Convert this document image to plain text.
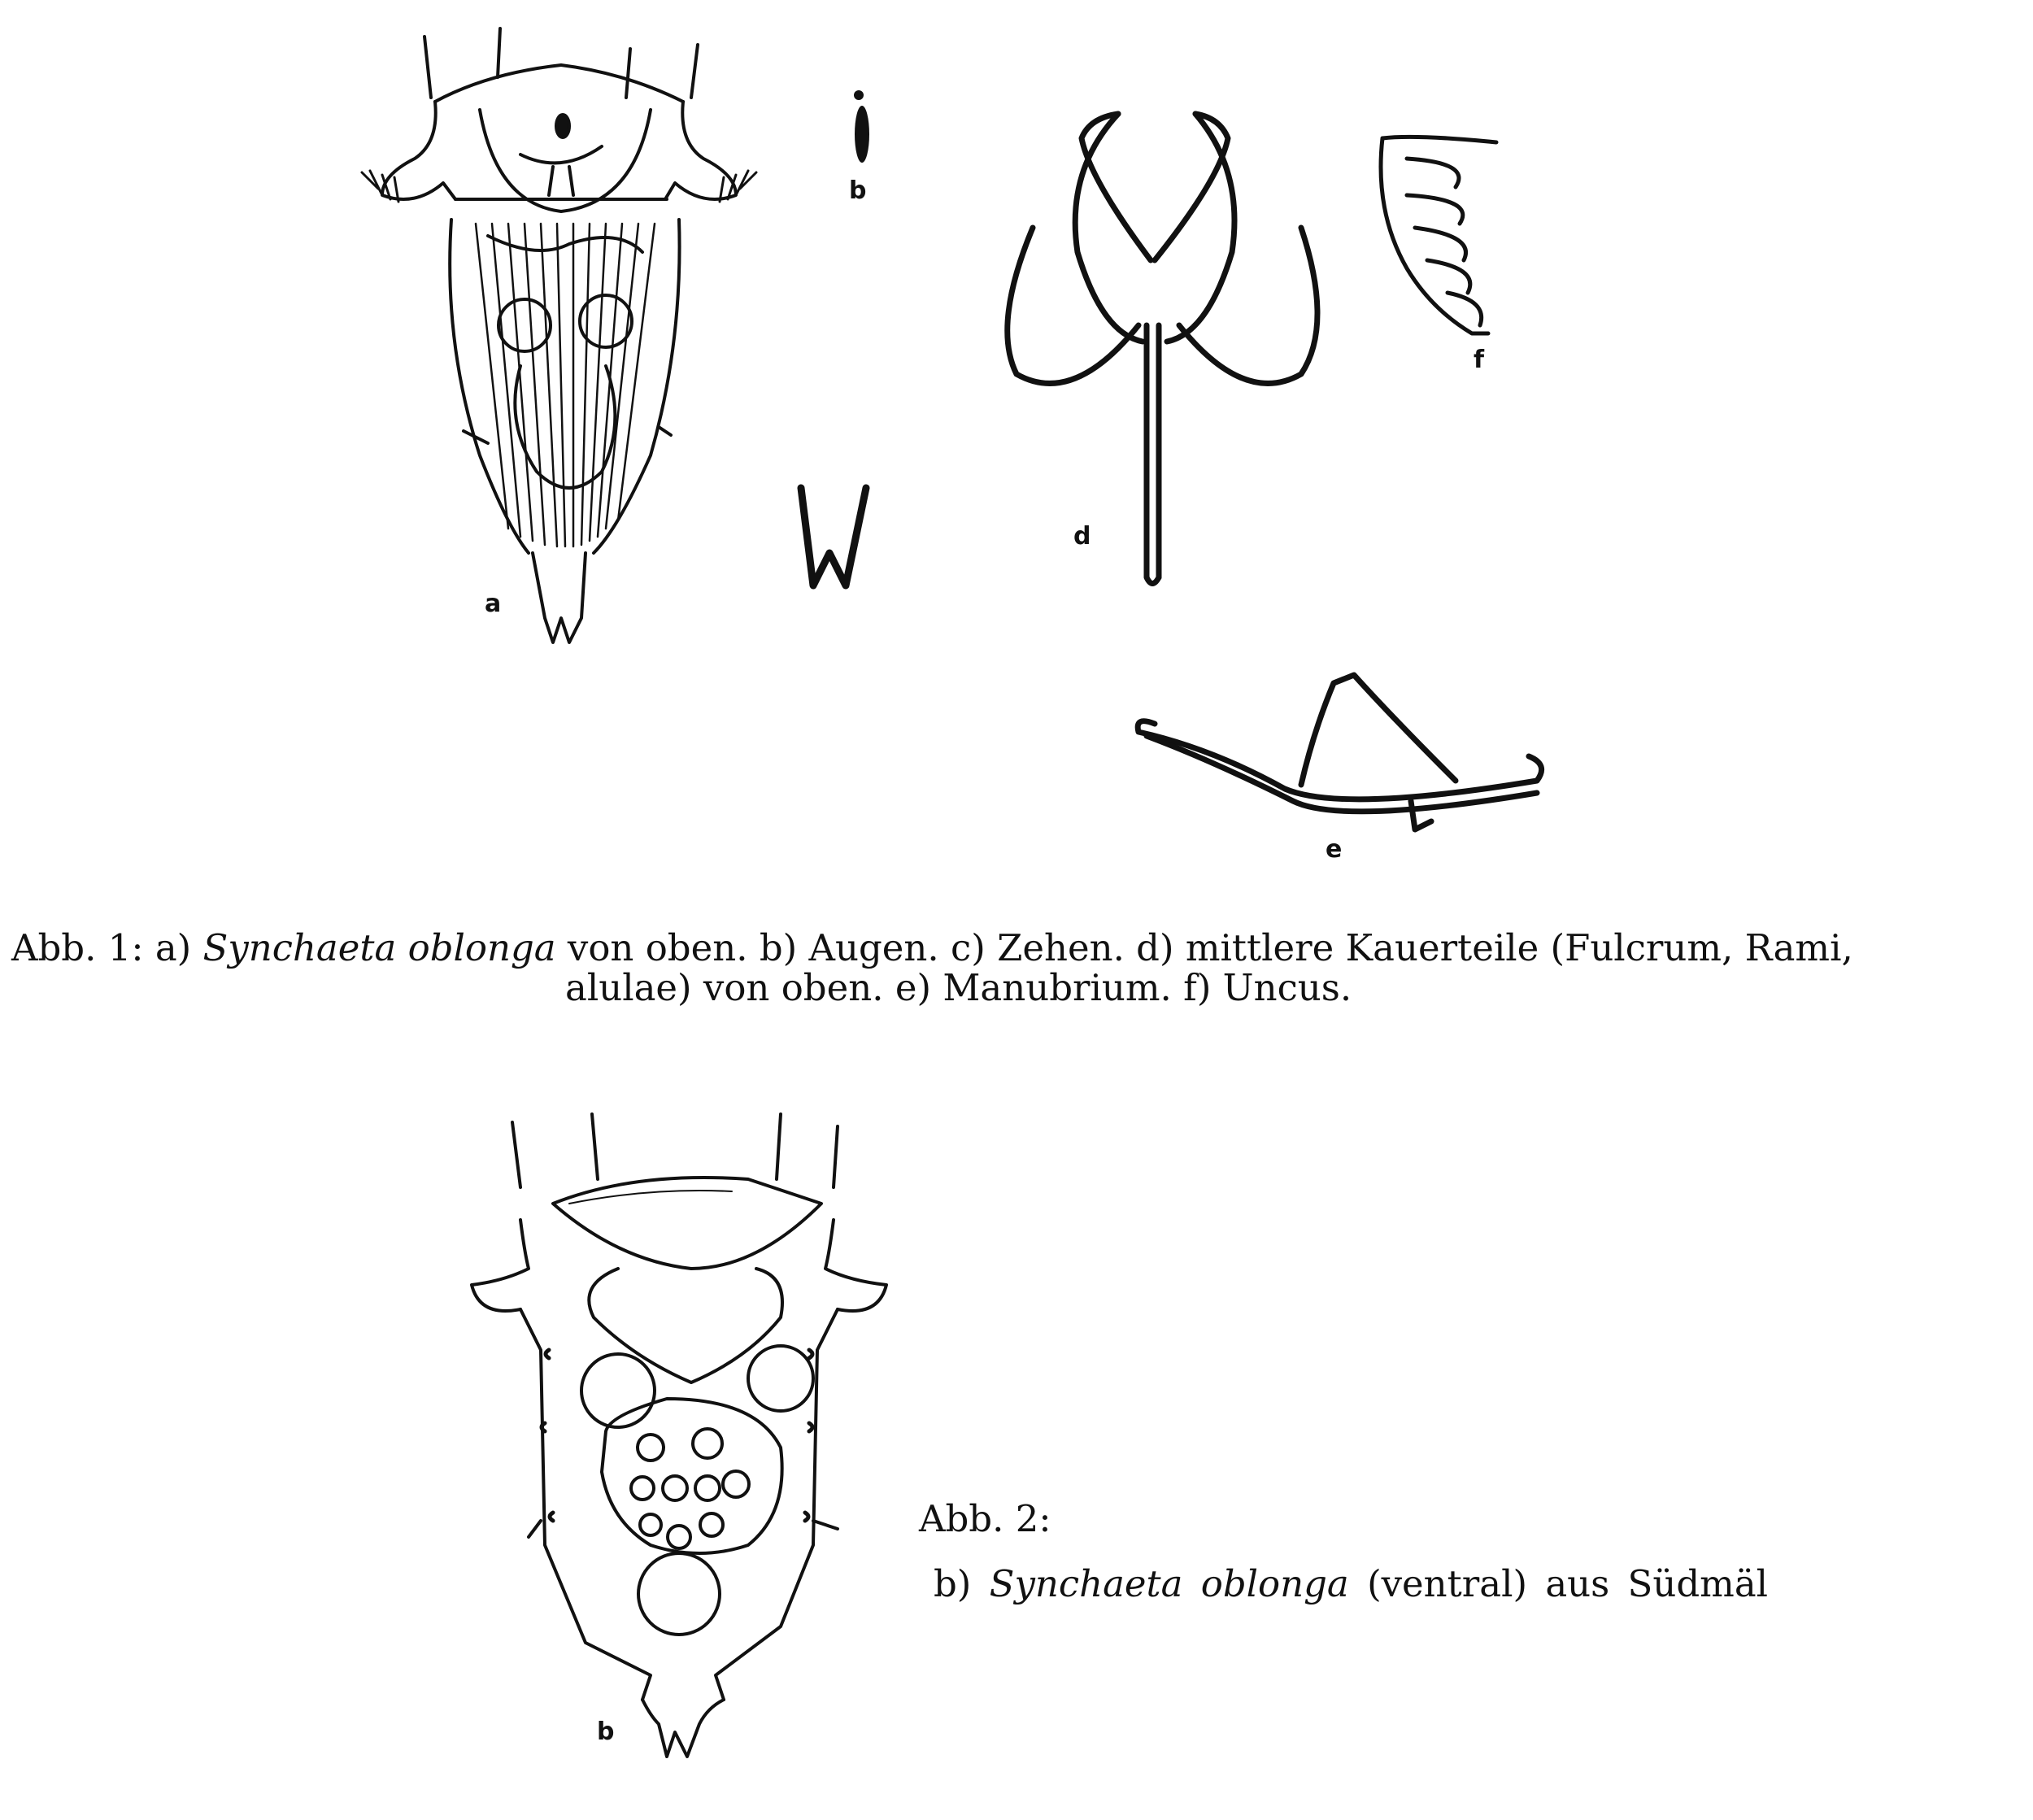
a
b
d
e
f
b
Abb. 1: a) Synchaeta oblonga von oben. b) Augen. c) Zehen. d) mittlere Kauerteile (Fulcrum, Rami,
alulae) von oben. e) Manubrium. f) Uncus.
Abb. 2:
b) Synchaeta oblonga (ventral) aus Südmäl
